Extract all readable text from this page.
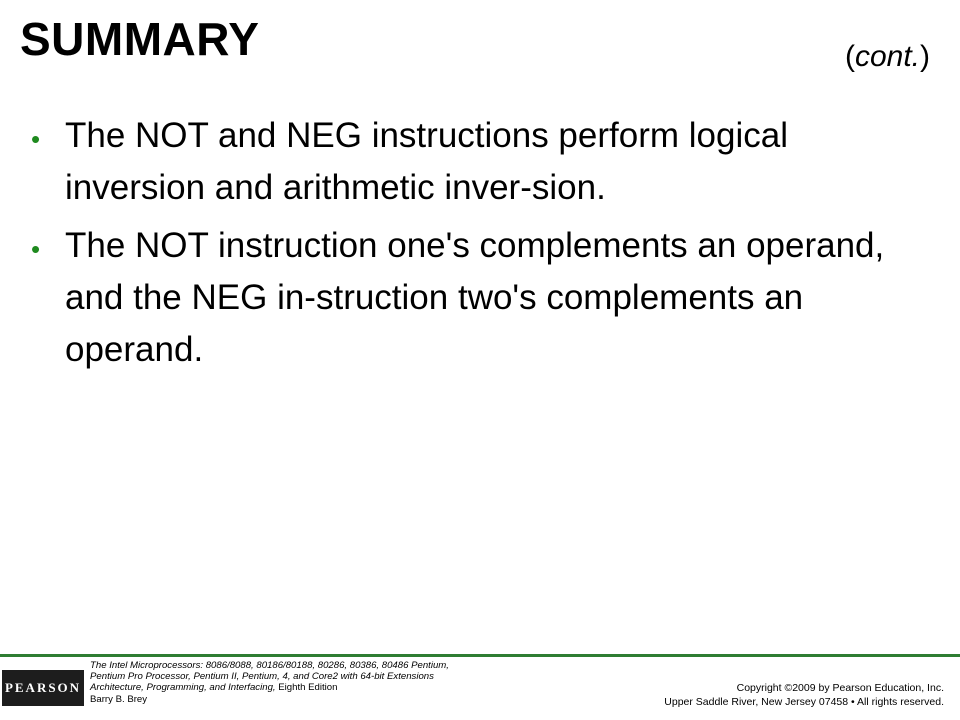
SUMMARY	(cont.)
• The NOT and NEG instructions perform logical inversion and arithmetic inver-sion.
• The NOT instruction one's complements an operand, and the NEG in-struction two's complements an operand.
PEARSON
The Intel Microprocessors: 8086/8088, 80186/80188, 80286, 80386, 80486 Pentium,
Pentium Pro Processor, Pentium II, Pentium, 4, and Core2 with 64-bit Extensions
Architecture, Programming, and Interfacing, Eighth Edition
Barry B. Brey
Copyright ©2009 by Pearson Education, Inc.
Upper Saddle River, New Jersey 07458 • All rights reserved.
